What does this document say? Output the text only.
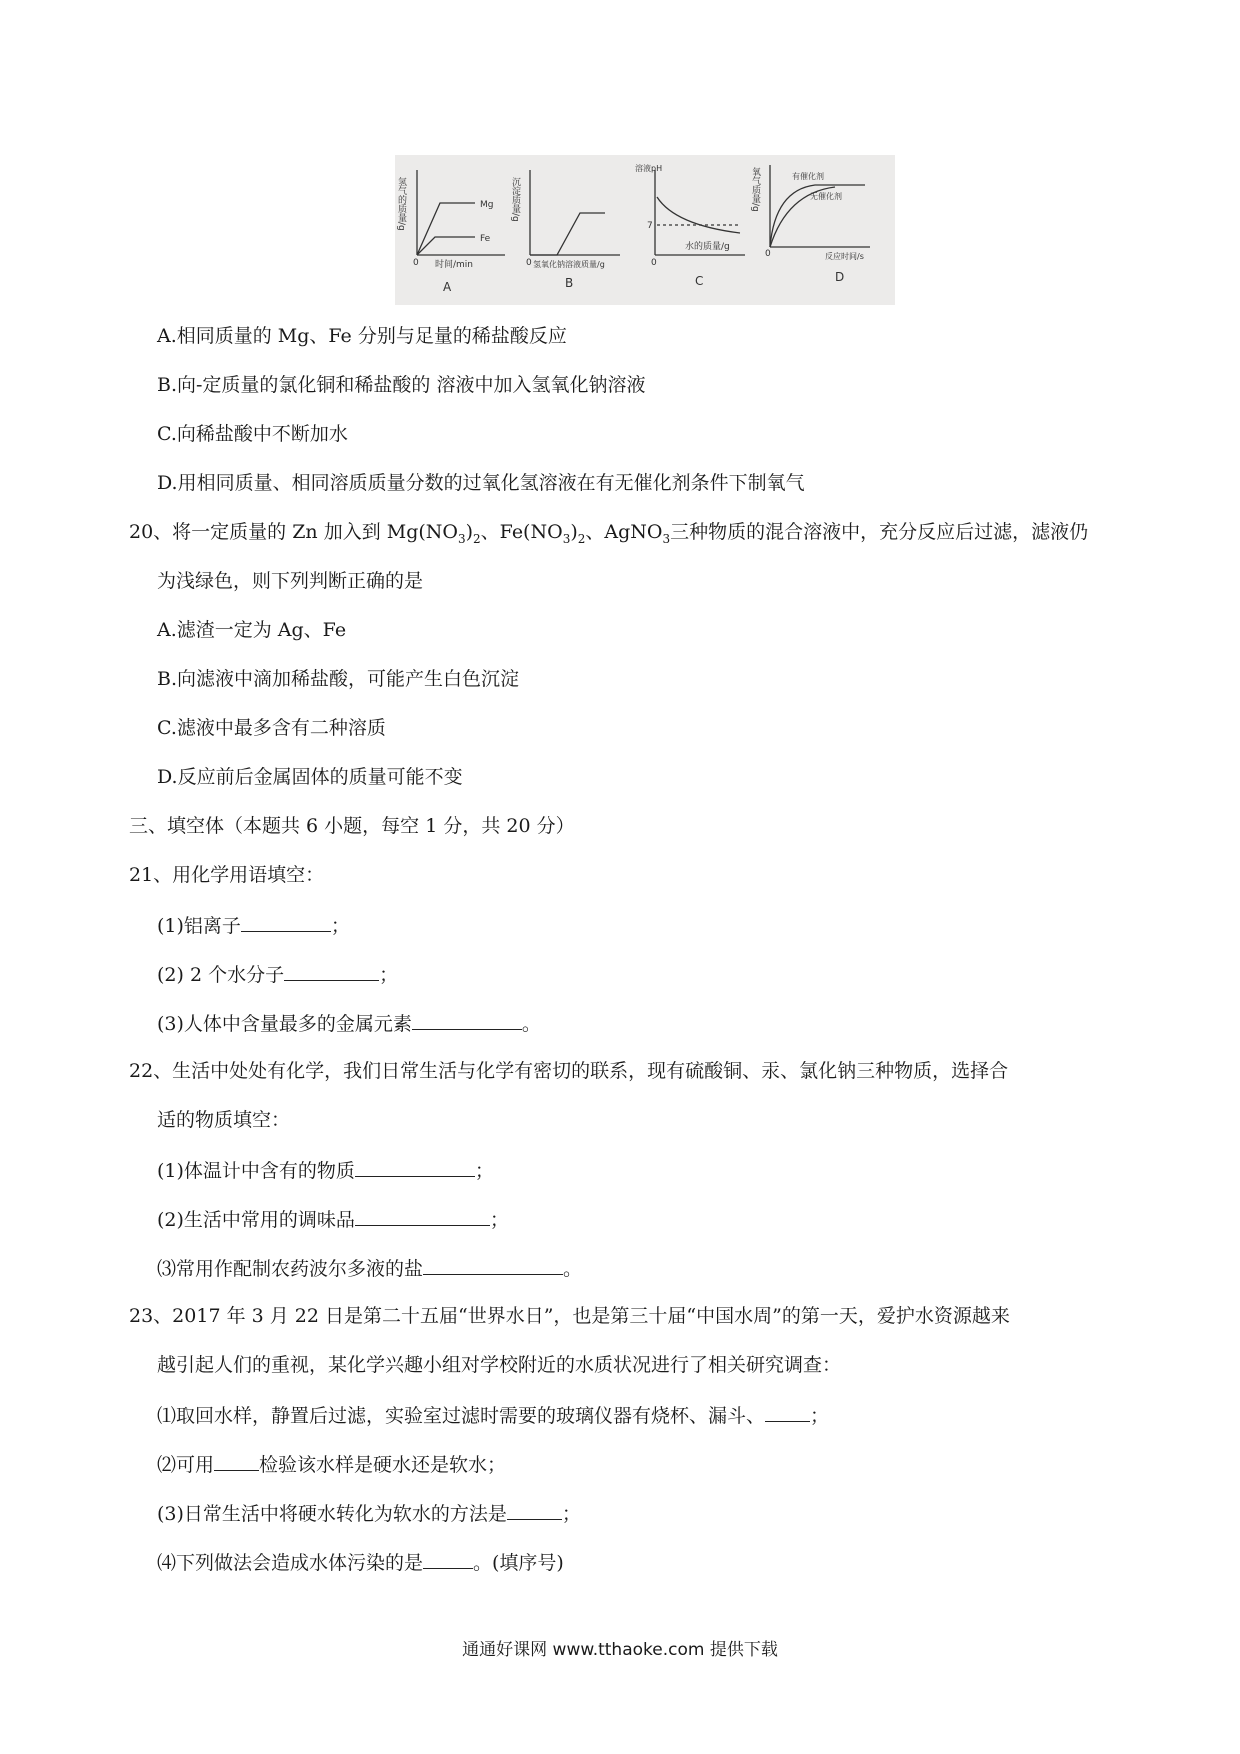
氢气的质量/g	Mg
Fe
0 时间/min
沉淀质量/g
0 氢氧化钠溶液质量/g
溶液pH
7
0
水的质量/g
氧气质量/g	有催化剂
无催化剂
0	反应时间/s
A	B	C	D
A.相同质量的 Mg、Fe 分别与足量的稀盐酸反应
B.向-定质量的氯化铜和稀盐酸的 溶液中加入氢氧化钠溶液
C.向稀盐酸中不断加水
D.用相同质量、相同溶质质量分数的过氧化氢溶液在有无催化剂条件下制氧气
20、将一定质量的 Zn 加入到 $Mg(NO_3)_2$、$Fe(NO_3)_2$、AgNO$_3$三种物质的混合溶液中，充分反应后过滤，滤液仍
为浅绿色，则下列判断正确的是
A.滤渣一定为 Ag、Fe
B.向滤液中滴加稀盐酸，可能产生白色沉淀
C.滤液中最多含有二种溶质
D.反应前后金属固体的质量可能不变
三、填空体（本题共 6 小题，每空 1 分，共 20 分）
21、用化学用语填空：
(1)铝离子	；
(2) 2 个水分子	；
(3)人体中含量最多的金属元素	。
22、生活中处处有化学，我们日常生活与化学有密切的联系，现有硫酸铜、汞、氯化钠三种物质，选择合
适的物质填空：
(1)体温计中含有的物质	；
(2)生活中常用的调味品	；
⑶常用作配制农药波尔多液的盐	。
23、2017 年 3 月 22 日是第二十五届“世界水日”，也是第三十届“中国水周”的第一天，爱护水资源越来
越引起人们的重视，某化学兴趣小组对学校附近的水质状况进行了相关研究调查：
⑴取回水样，静置后过滤，实验室过滤时需要的玻璃仪器有烧杯、漏斗、 ；
⑵可用 检验该水样是硬水还是软水；
(3)日常生活中将硬水转化为软水的方法是	；
⑷下列做法会造成水体污染的是	。(填序号)
通通好课网 www.tthaoke.com 提供下载
